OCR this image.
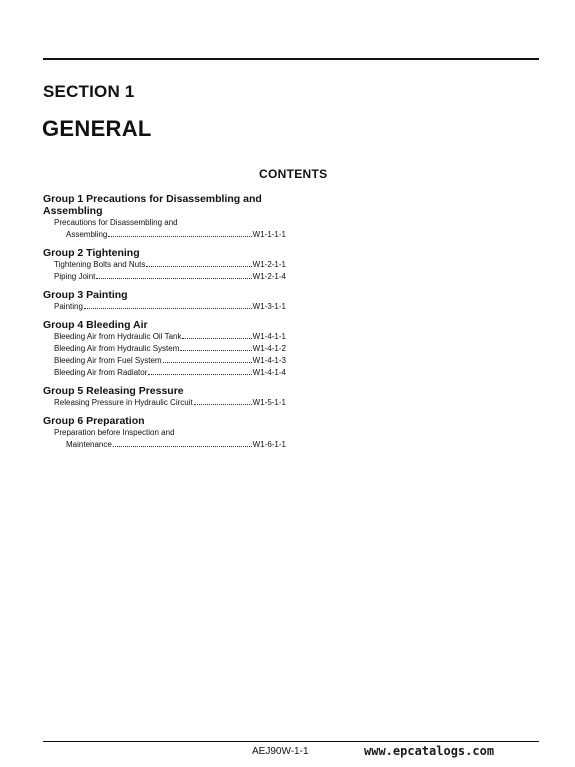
SECTION 1
GENERAL
CONTENTS
Group 1 Precautions for Disassembling and Assembling
Precautions for Disassembling and
Assembling	W1-1-1-1
Group 2 Tightening
Tightening Bolts and Nuts	W1-2-1-1
Piping Joint	W1-2-1-4
Group 3 Painting
Painting	W1-3-1-1
Group 4 Bleeding Air
Bleeding Air from Hydraulic Oil Tank	W1-4-1-1
Bleeding Air from Hydraulic System	W1-4-1-2
Bleeding Air from Fuel System	W1-4-1-3
Bleeding Air from Radiator	W1-4-1-4
Group 5 Releasing Pressure
Releasing Pressure in Hydraulic Circuit	W1-5-1-1
Group 6 Preparation
Preparation before Inspection and
Maintenance	W1-6-1-1
AEJ90W-1-1	www.epcatalogs.com
